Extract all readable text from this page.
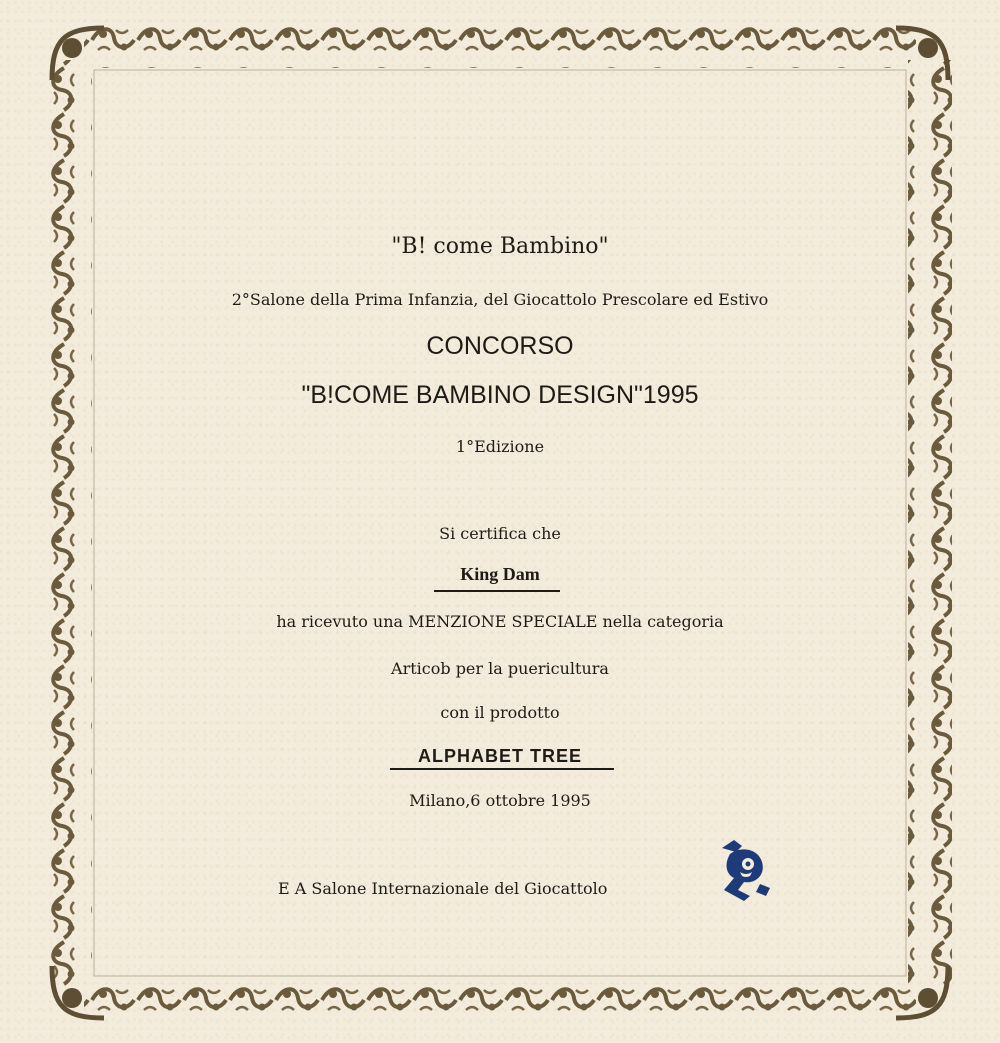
"B! come Bambino"
2°Salone della Prima Infanzia, del Giocattolo Prescolare ed Estivo
CONCORSO
"B!COME BAMBINO DESIGN"1995
1°Edizione
Si certifica che
King Dam
ha ricevuto una MENZIONE SPECIALE nella categoria
Articob per la puericultura
con il prodotto
ALPHABET TREE
Milano,6 ottobre 1995
E A Salone Internazionale del Giocattolo
